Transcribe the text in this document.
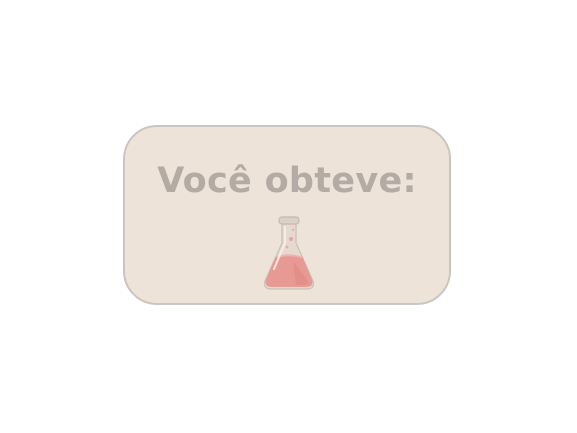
Você obteve:
